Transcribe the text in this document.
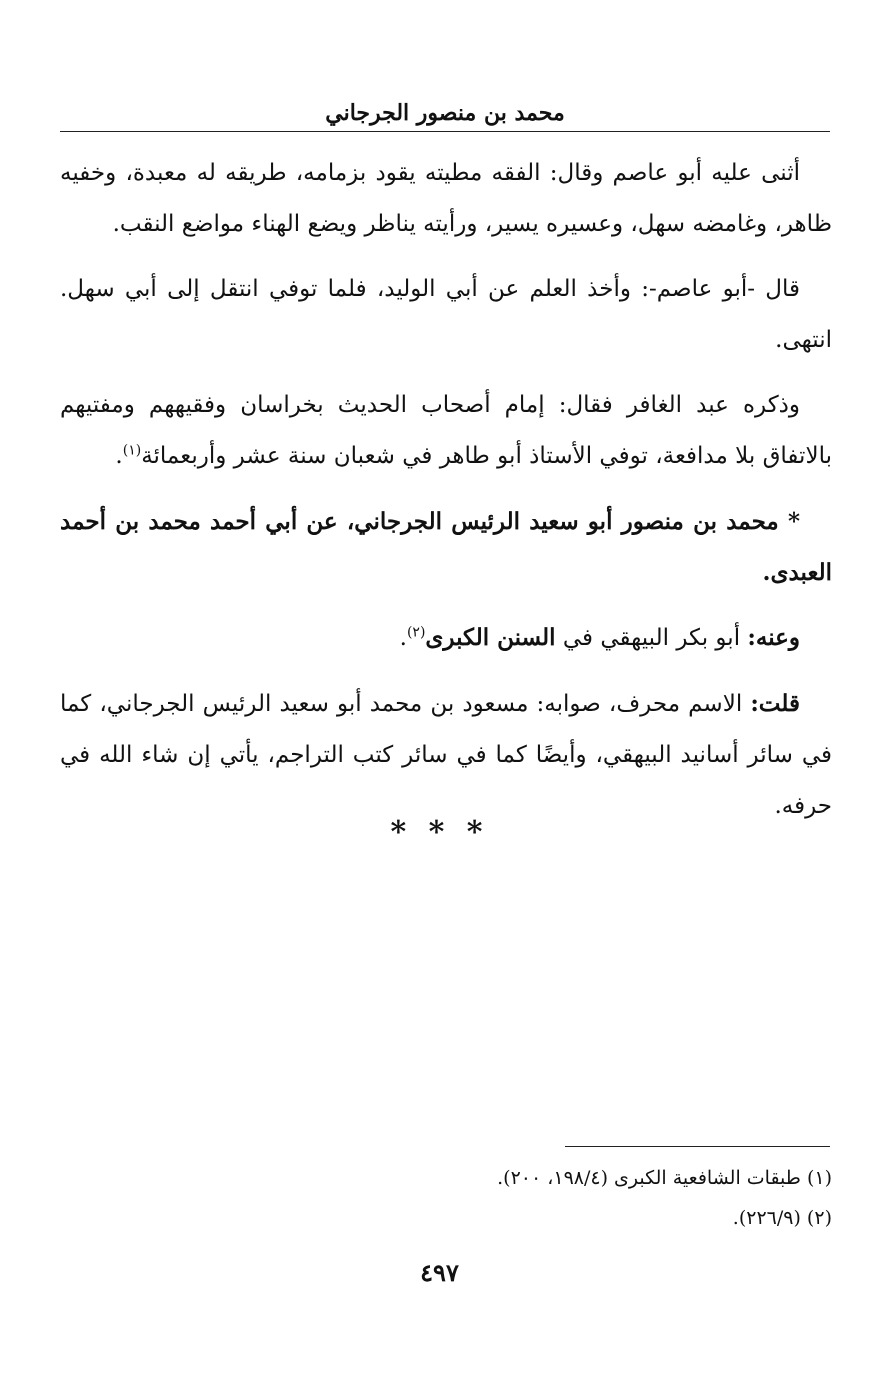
محمد بن منصور الجرجاني

أثنى عليه أبو عاصم وقال: الفقه مطيته يقود بزمامه، طريقه له معبدة، وخفيه ظاهر، وغامضه سهل، وعسيره يسير، ورأيته يناظر ويضع الهناء مواضع النقب.

قال -أبو عاصم-: وأخذ العلم عن أبي الوليد، فلما توفي انتقل إلى أبي سهل. انتهى.

وذكره عبد الغافر فقال: إمام أصحاب الحديث بخراسان وفقيههم ومفتيهم بالاتفاق بلا مدافعة، توفي الأستاذ أبو طاهر في شعبان سنة عشر وأربعمائة$^{(١)}$.

* محمد بن منصور أبو سعيد الرئيس الجرجاني، عن أبي أحمد محمد بن أحمد العبدى.

وعنه: أبو بكر البيهقي في السنن الكبرى$^{(٢)}$.

قلت: الاسم محرف، صوابه: مسعود بن محمد أبو سعيد الرئيس الجرجاني، كما في سائر أسانيد البيهقي، وأيضًا كما في سائر كتب التراجم، يأتي إن شاء الله في حرفه.

* * *

(١) طبقات الشافعية الكبرى (١٩٨/٤، ٢٠٠).

(٢) (٢٢٦/٩).

٤٩٧
